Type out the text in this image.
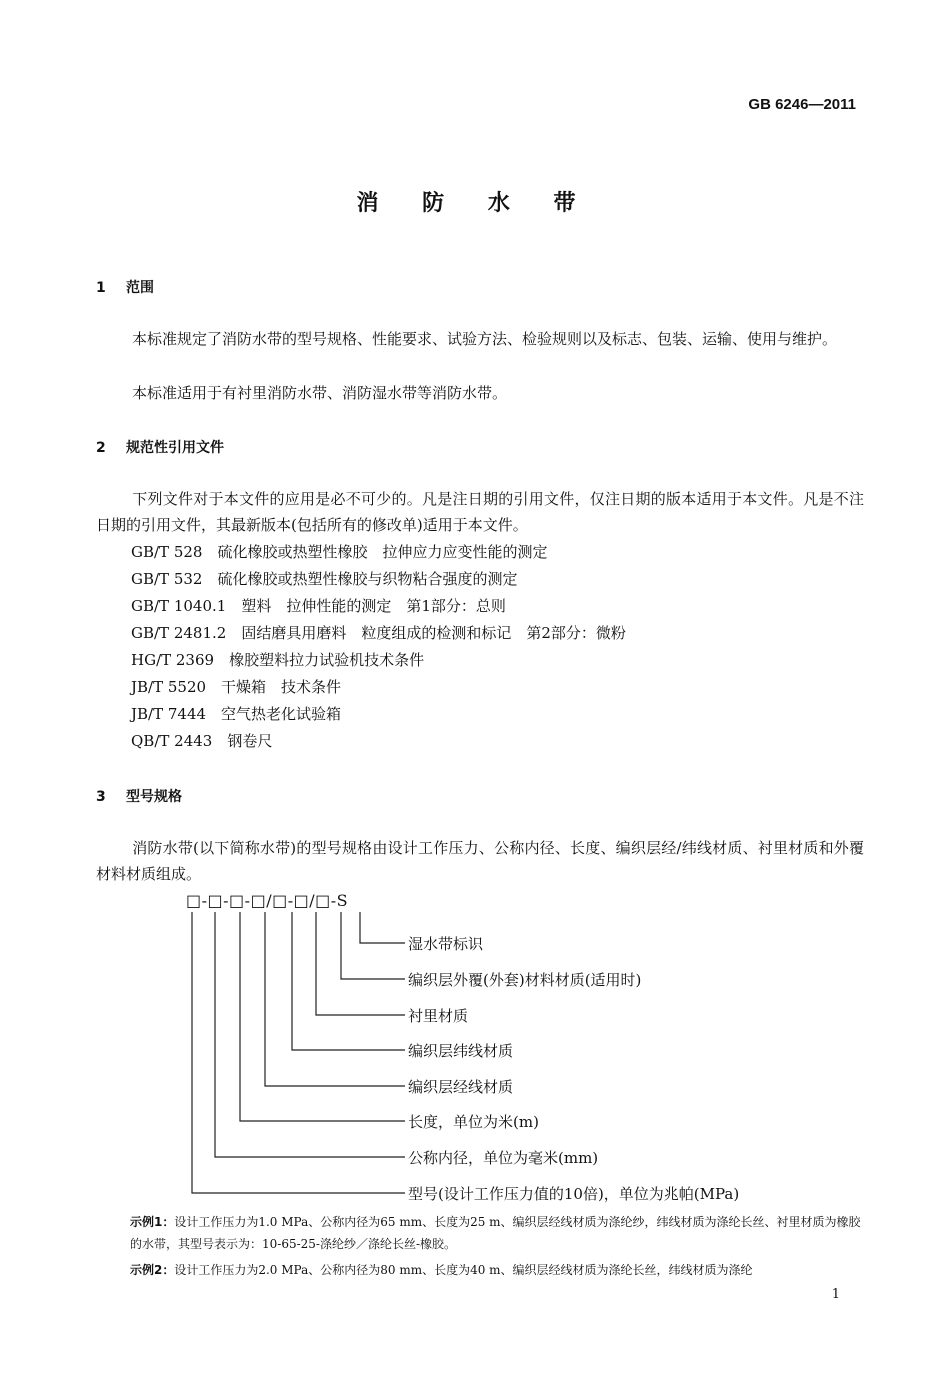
GB 6246—2011
消 防 水 带
1 范围
本标准规定了消防水带的型号规格、性能要求、试验方法、检验规则以及标志、包装、运输、使用与维护。
本标准适用于有衬里消防水带、消防湿水带等消防水带。
2 规范性引用文件
下列文件对于本文件的应用是必不可少的。凡是注日期的引用文件，仅注日期的版本适用于本文件。凡是不注日期的引用文件，其最新版本(包括所有的修改单)适用于本文件。
GB/T 528　硫化橡胶或热塑性橡胶　拉伸应力应变性能的测定
GB/T 532　硫化橡胶或热塑性橡胶与织物粘合强度的测定
GB/T 1040.1　塑料　拉伸性能的测定　第1部分：总则
GB/T 2481.2　固结磨具用磨料　粒度组成的检测和标记　第2部分：微粉
HG/T 2369　橡胶塑料拉力试验机技术条件
JB/T 5520　干燥箱　技术条件
JB/T 7444　空气热老化试验箱
QB/T 2443　钢卷尺
3 型号规格
消防水带(以下简称水带)的型号规格由设计工作压力、公称内径、长度、编织层经/纬线材质、衬里材质和外覆材料材质组成。
□-□-□-□/□-□/□-S
湿水带标识
编织层外覆(外套)材料材质(适用时)
衬里材质
编织层纬线材质
编织层经线材质
长度，单位为米(m)
公称内径，单位为毫米(mm)
型号(设计工作压力值的10倍)，单位为兆帕(MPa)
示例1：设计工作压力为1.0 MPa、公称内径为65 mm、长度为25 m、编织层经线材质为涤纶纱，纬线材质为涤纶长丝、衬里材质为橡胶的水带，其型号表示为：10-65-25-涤纶纱／涤纶长丝-橡胶。
示例2：设计工作压力为2.0 MPa、公称内径为80 mm、长度为40 m、编织层经线材质为涤纶长丝，纬线材质为涤纶
1
